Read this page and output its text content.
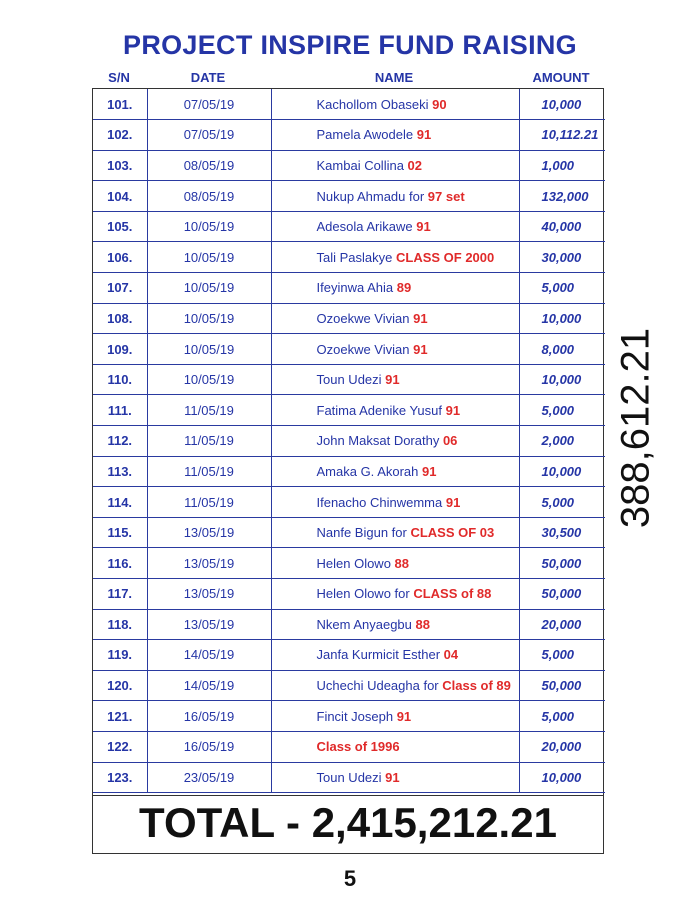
PROJECT INSPIRE FUND RAISING
S/N	DATE	NAME	AMOUNT
101.	07/05/19	Kachollom Obaseki 90	10,000
102.	07/05/19	Pamela Awodele 91	10,112.21
103.	08/05/19	Kambai Collina 02	1,000
104.	08/05/19	Nukup Ahmadu for 97 set	132,000
105.	10/05/19	Adesola Arikawe 91	40,000
106.	10/05/19	Tali Paslakye CLASS OF 2000	30,000
107.	10/05/19	Ifeyinwa Ahia 89	5,000
108.	10/05/19	Ozoekwe Vivian 91	10,000
109.	10/05/19	Ozoekwe Vivian 91	8,000
110.	10/05/19	Toun Udezi 91	10,000
111.	11/05/19	Fatima Adenike Yusuf 91	5,000
112.	11/05/19	John Maksat Dorathy 06	2,000
113.	11/05/19	Amaka G. Akorah 91	10,000
114.	11/05/19	Ifenacho Chinwemma 91	5,000
115.	13/05/19	Nanfe Bigun for CLASS OF 03	30,500
116.	13/05/19	Helen Olowo 88	50,000
117.	13/05/19	Helen Olowo for CLASS of 88	50,000
118.	13/05/19	Nkem Anyaegbu 88	20,000
119.	14/05/19	Janfa Kurmicit Esther 04	5,000
120.	14/05/19	Uchechi Udeagha for Class of 89	50,000
121.	16/05/19	Fincit Joseph 91	5,000
122.	16/05/19	Class of 1996	20,000
123.	23/05/19	Toun Udezi 91	10,000
TOTAL - 2,415,212.21
388,612.21
5
